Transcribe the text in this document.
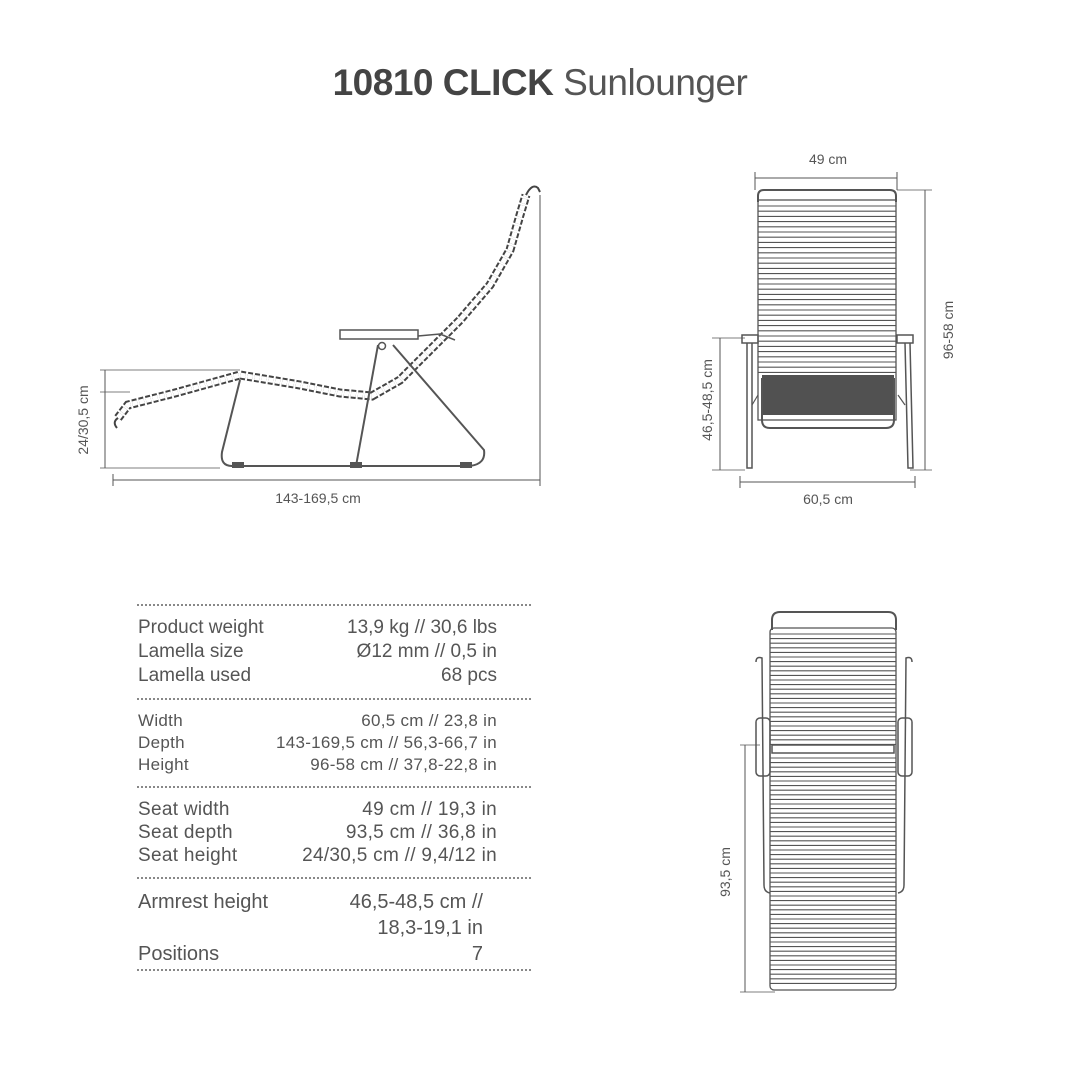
10810 CLICK Sunlounger
143-169,5 cm
24/30,5 cm
49 cm
96-58 cm
46,5-48,5 cm
60,5 cm
93,5 cm
Product weight	13,9 kg // 30,6 lbs
Lamella size	Ø12 mm // 0,5 in
Lamella used	68 pcs
Width	60,5 cm // 23,8 in
Depth	143-169,5 cm // 56,3-66,7 in
Height	96-58 cm // 37,8-22,8 in
Seat width	49 cm // 19,3 in
Seat depth	93,5 cm // 36,8 in
Seat height	24/30,5 cm // 9,4/12 in
Armrest height	46,5-48,5 cm //
18,3-19,1 in
Positions	7
